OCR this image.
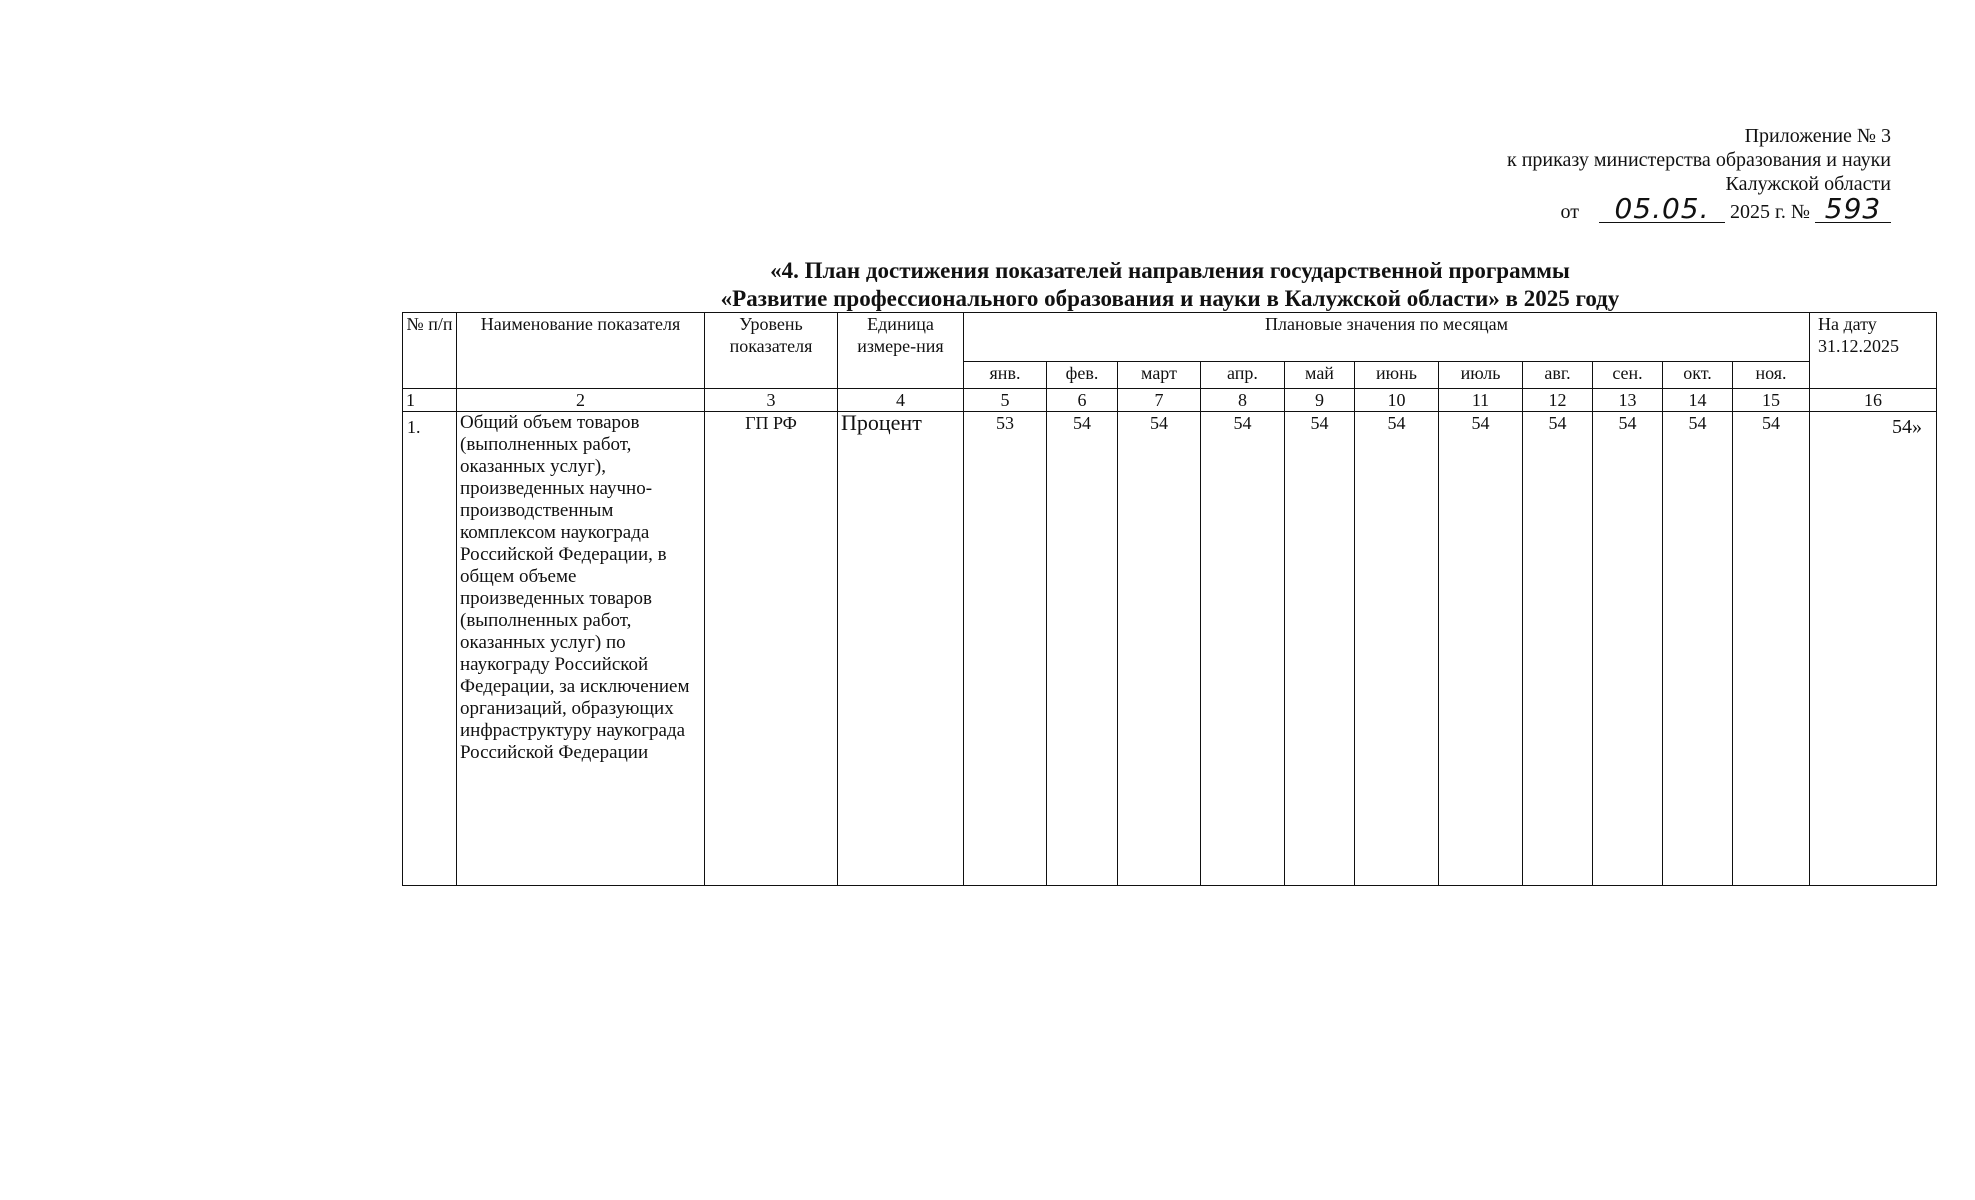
Приложение № 3
к приказу министерства образования и науки
Калужской области
от 05.05. 2025 г. № 593
«4. План достижения показателей направления государственной программы
«Развитие профессионального образования и науки в Калужской области» в 2025 году
№ п/п	Наименование показателя	Уровень показателя	Единица измере-ния	Плановые значения по месяцам											На дату 31.12.2025
				янв.	фев.	март	апр.	май	июнь	июль	авг.	сен.	окт.	ноя.	
1	2	3	4	5	6	7	8	9	10	11	12	13	14	15	16
1.	Общий объем товаров (выполненных работ, оказанных услуг), произведенных научно-производственным комплексом наукограда Российской Федерации, в общем объеме произведенных товаров (выполненных работ, оказанных услуг) по наукограду Российской Федерации, за исключением организаций, образующих инфраструктуру наукограда Российской Федерации	ГП РФ	Процент	53	54	54	54	54	54	54	54	54	54	54	54»
